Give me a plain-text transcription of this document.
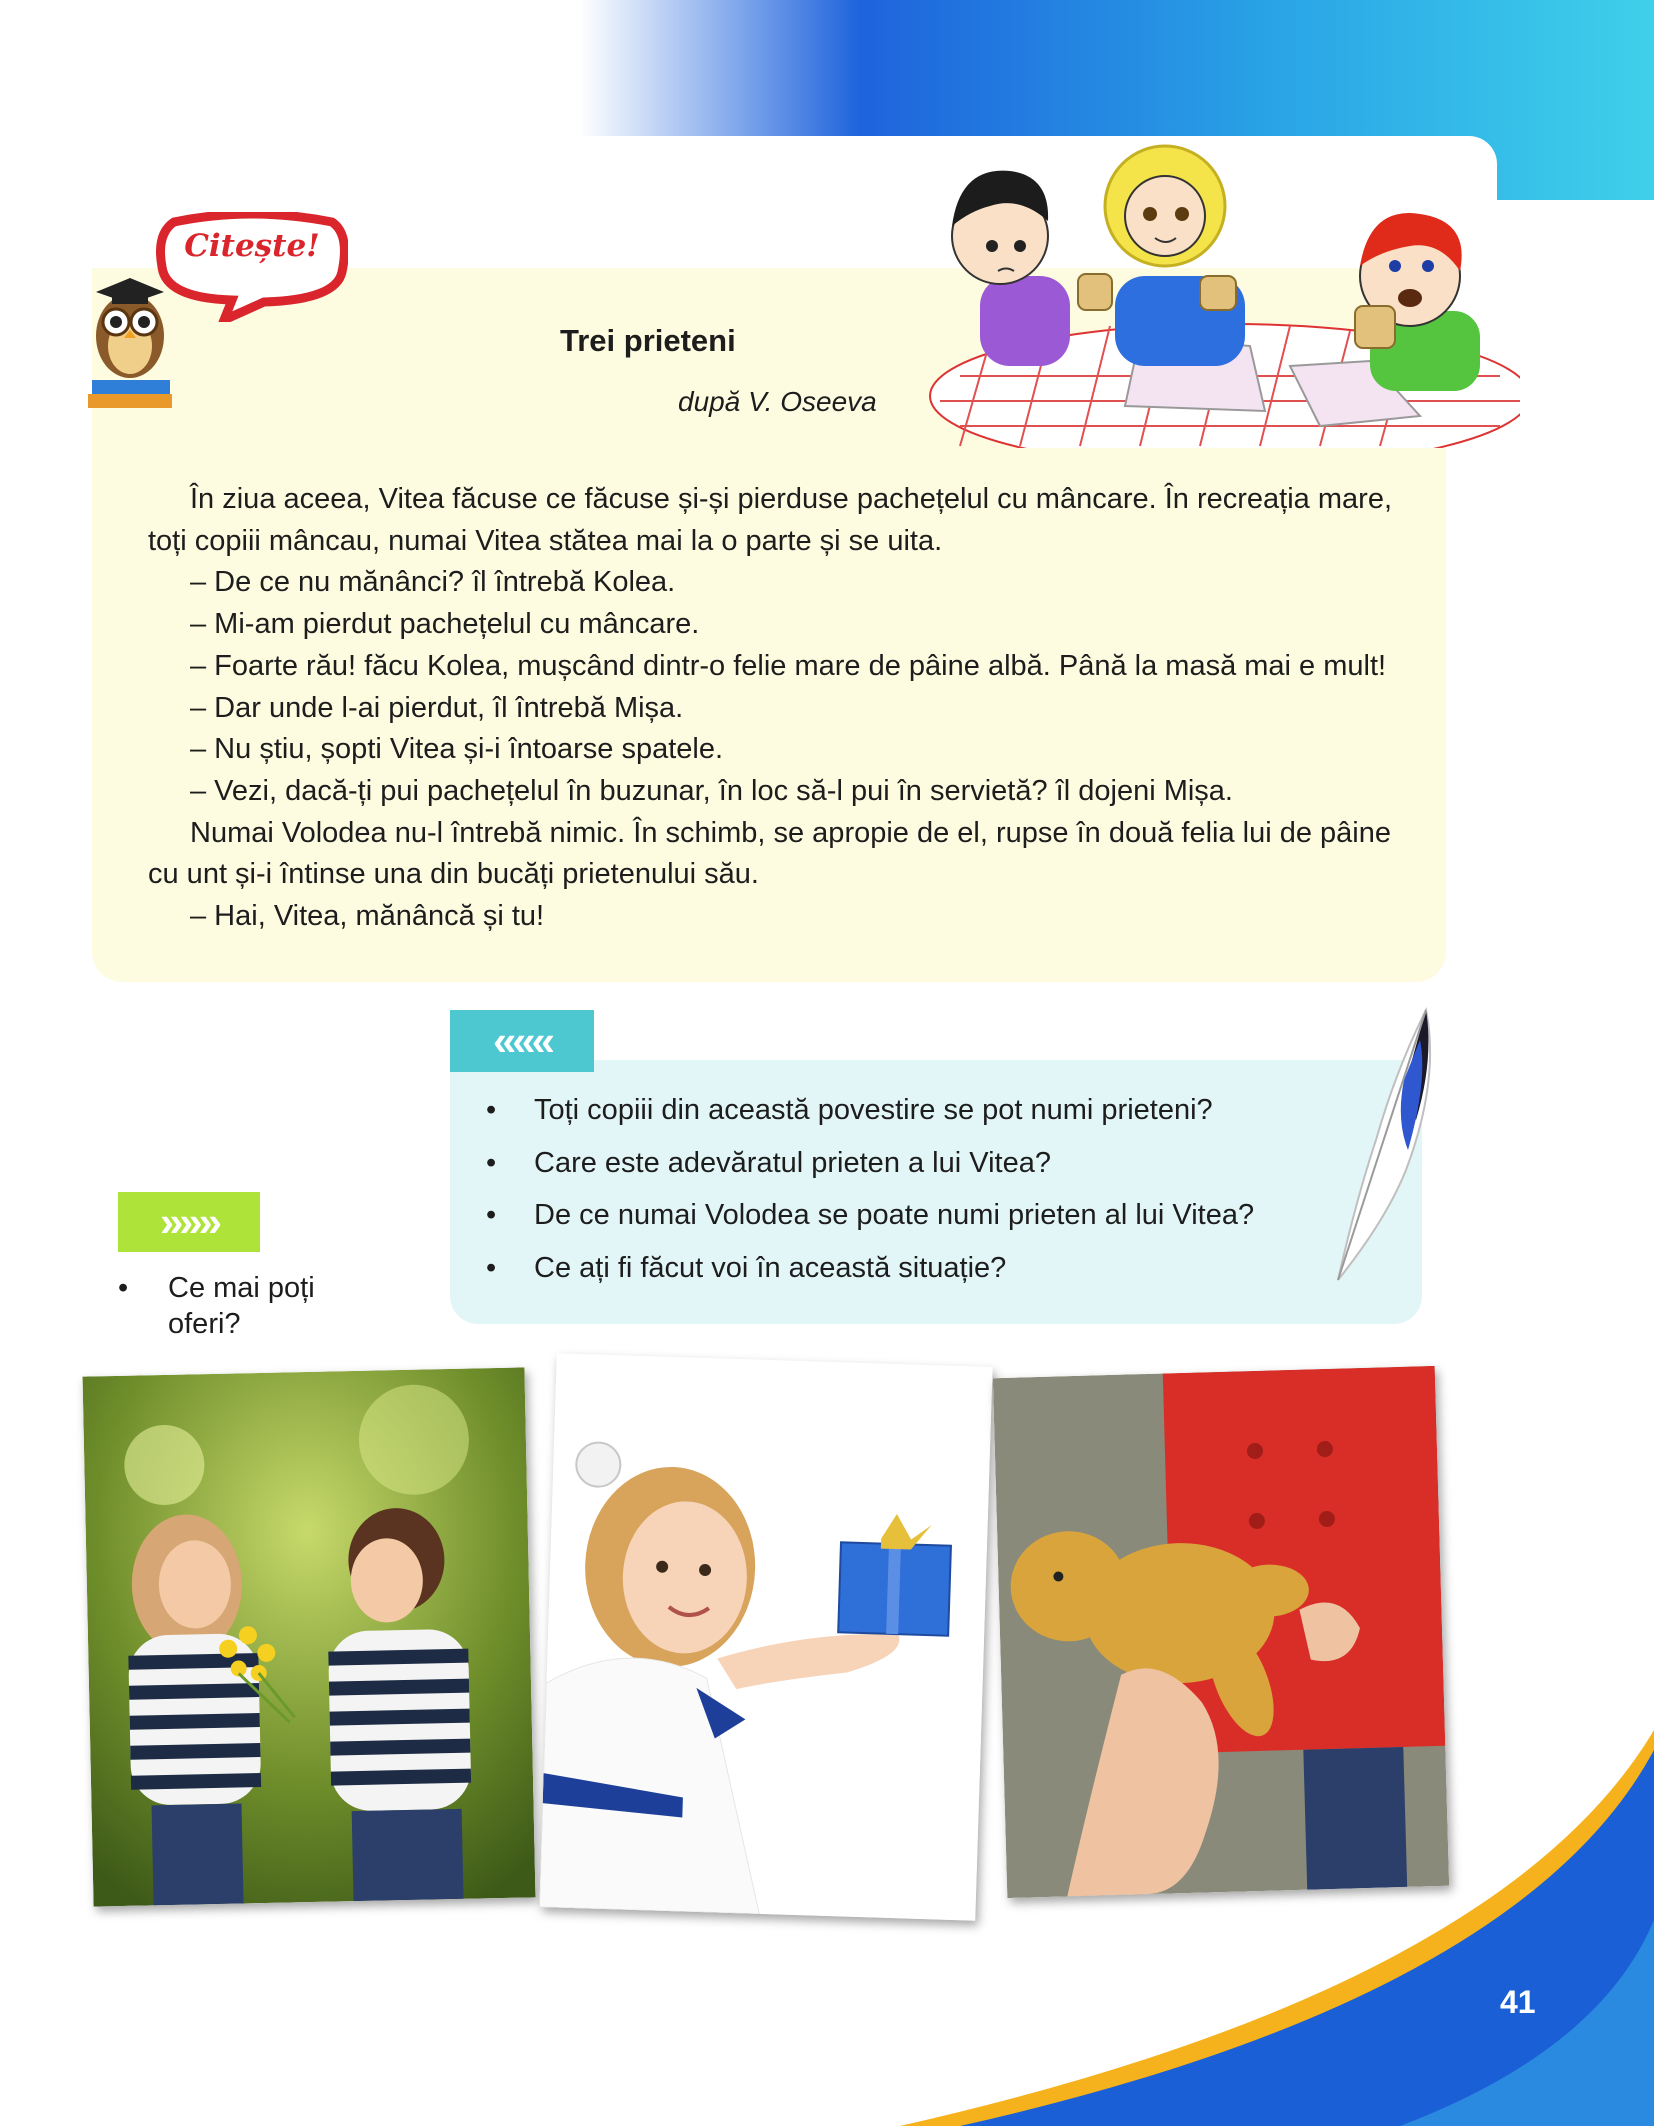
Citește!
Trei prieteni
după V. Oseeva

În ziua aceea, Vitea făcuse ce făcuse și-și pierduse pachețelul cu mâncare. În recreația mare, toți copiii mâncau, numai Vitea stătea mai la o parte și se uita.

– De ce nu mănânci? îl întrebă Kolea.

– Mi-am pierdut pachețelul cu mâncare.

– Foarte rău! făcu Kolea, mușcând dintr-o felie mare de pâine albă. Până la masă mai e mult!

– Dar unde l-ai pierdut, îl întrebă Mișa.

– Nu știu, șopti Vitea și-i întoarse spatele.

– Vezi, dacă-ți pui pachețelul în buzunar, în loc să-l pui în servietă? îl dojeni Mișa.

Numai Volodea nu-l întrebă nimic. În schimb, se apropie de el, rupse în două felia lui de pâine cu unt și-i întinse una din bucăți prietenului său.

– Hai, Vitea, mănâncă și tu!

«««
• Toți copiii din această povestire se pot numi prieteni?
• Care este adevăratul prieten a lui Vitea?
• De ce numai Volodea se poate numi prieten al lui Vitea?
• Ce ați fi făcut voi în această situație?
»»»
• Ce mai poți oferi?
41
